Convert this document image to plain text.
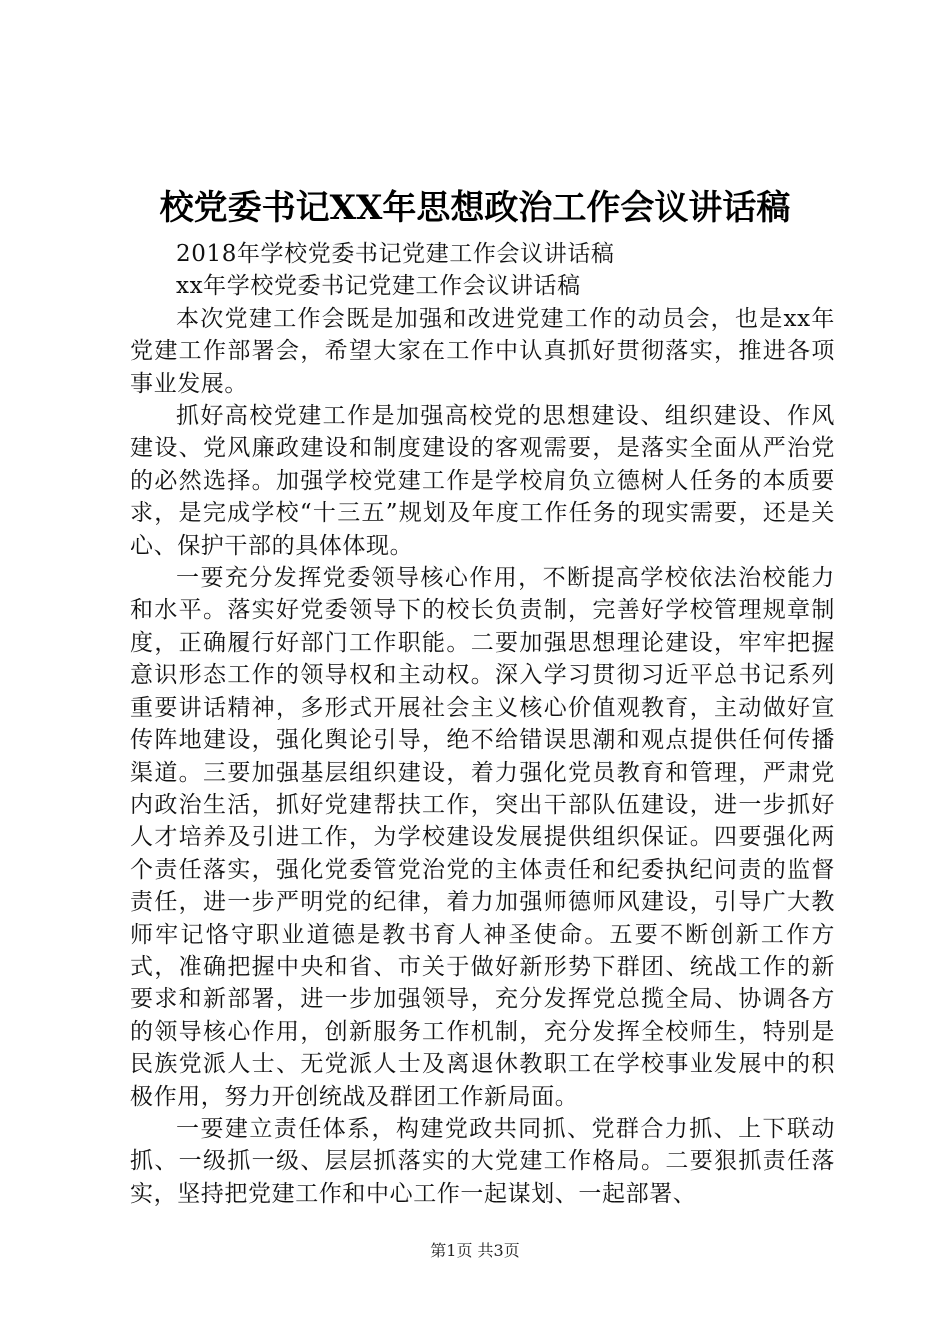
校党委书记XX年思想政治工作会议讲话稿

2018年学校党委书记党建工作会议讲话稿

xx年学校党委书记党建工作会议讲话稿

本次党建工作会既是加强和改进党建工作的动员会，也是xx年党建工作部署会，希望大家在工作中认真抓好贯彻落实，推进各项事业发展。

抓好高校党建工作是加强高校党的思想建设、组织建设、作风建设、党风廉政建设和制度建设的客观需要，是落实全面从严治党的必然选择。加强学校党建工作是学校肩负立德树人任务的本质要求，是完成学校“十三五”规划及年度工作任务的现实需要，还是关心、保护干部的具体体现。

一要充分发挥党委领导核心作用，不断提高学校依法治校能力和水平。落实好党委领导下的校长负责制，完善好学校管理规章制度，正确履行好部门工作职能。二要加强思想理论建设，牢牢把握意识形态工作的领导权和主动权。深入学习贯彻习近平总书记系列重要讲话精神，多形式开展社会主义核心价值观教育，主动做好宣传阵地建设，强化舆论引导，绝不给错误思潮和观点提供任何传播渠道。三要加强基层组织建设，着力强化党员教育和管理，严肃党内政治生活，抓好党建帮扶工作，突出干部队伍建设，进一步抓好人才培养及引进工作，为学校建设发展提供组织保证。四要强化两个责任落实，强化党委管党治党的主体责任和纪委执纪问责的监督责任，进一步严明党的纪律，着力加强师德师风建设，引导广大教师牢记恪守职业道德是教书育人神圣使命。五要不断创新工作方式，准确把握中央和省、市关于做好新形势下群团、统战工作的新要求和新部署，进一步加强领导，充分发挥党总揽全局、协调各方的领导核心作用，创新服务工作机制，充分发挥全校师生，特别是民族党派人士、无党派人士及离退休教职工在学校事业发展中的积极作用，努力开创统战及群团工作新局面。

一要建立责任体系，构建党政共同抓、党群合力抓、上下联动抓、一级抓一级、层层抓落实的大党建工作格局。二要狠抓责任落实，坚持把党建工作和中心工作一起谋划、一起部署、

第1页 共3页
